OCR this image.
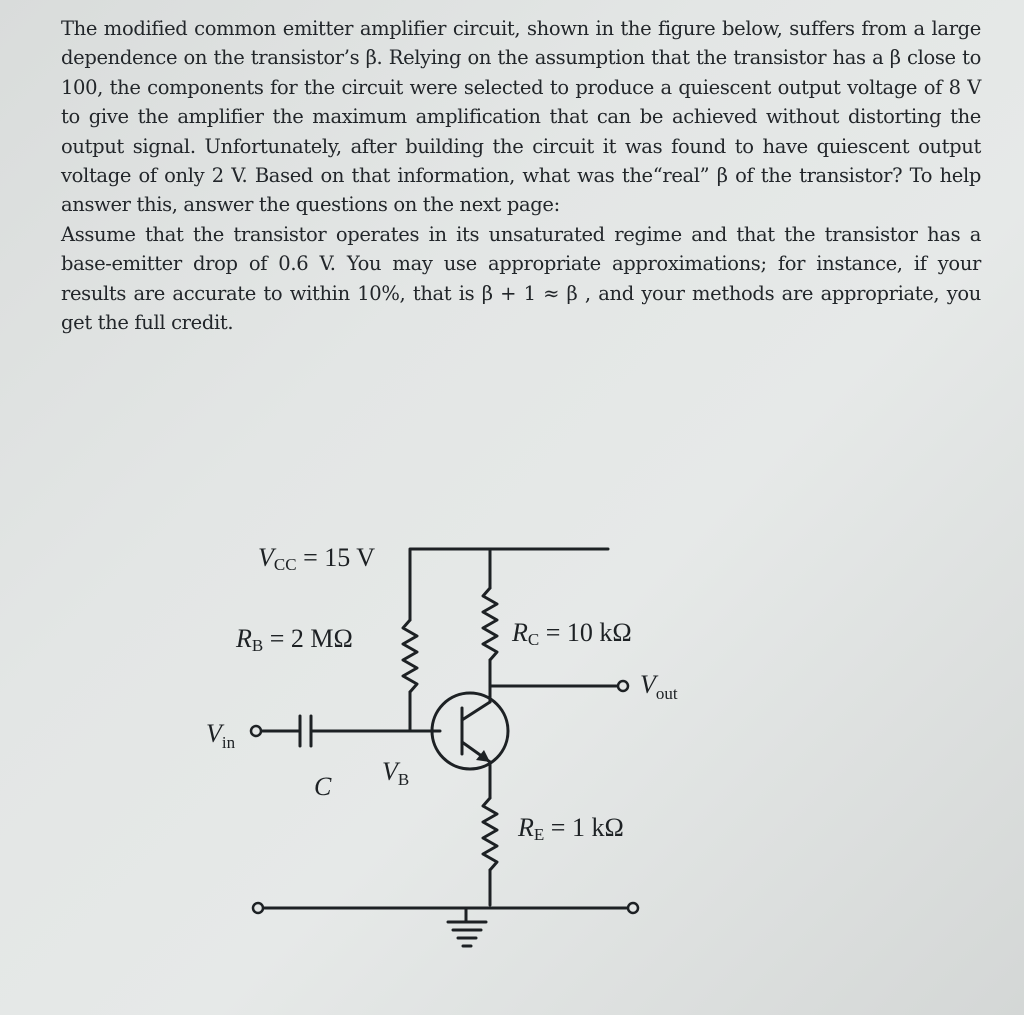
The modified common emitter amplifier circuit, shown in the figure below, suffers from a large dependence on the transistor’s β. Relying on the assumption that the transistor has a β close to 100, the components for the circuit were selected to produce a quiescent output voltage of 8 V to give the amplifier the maximum amplification that can be achieved without distorting the output signal. Unfortunately, after building the circuit it was found to have quiescent output voltage of only 2 V. Based on that information, what was the“real” β of the transistor? To help answer this, answer the questions on the next page:

Assume that the transistor operates in its unsaturated regime and that the transistor has a base-emitter drop of 0.6 V. You may use appropriate approximations; for instance, if your results are accurate to within 10%, that is β + 1 ≈ β , and your methods are appropriate, you get the full credit.

VCC = 15 V
RB = 2 MΩ	RC = 10 kΩ
$V_{out}$
$V_{in}$
C
VB
RE = 1 kΩ
